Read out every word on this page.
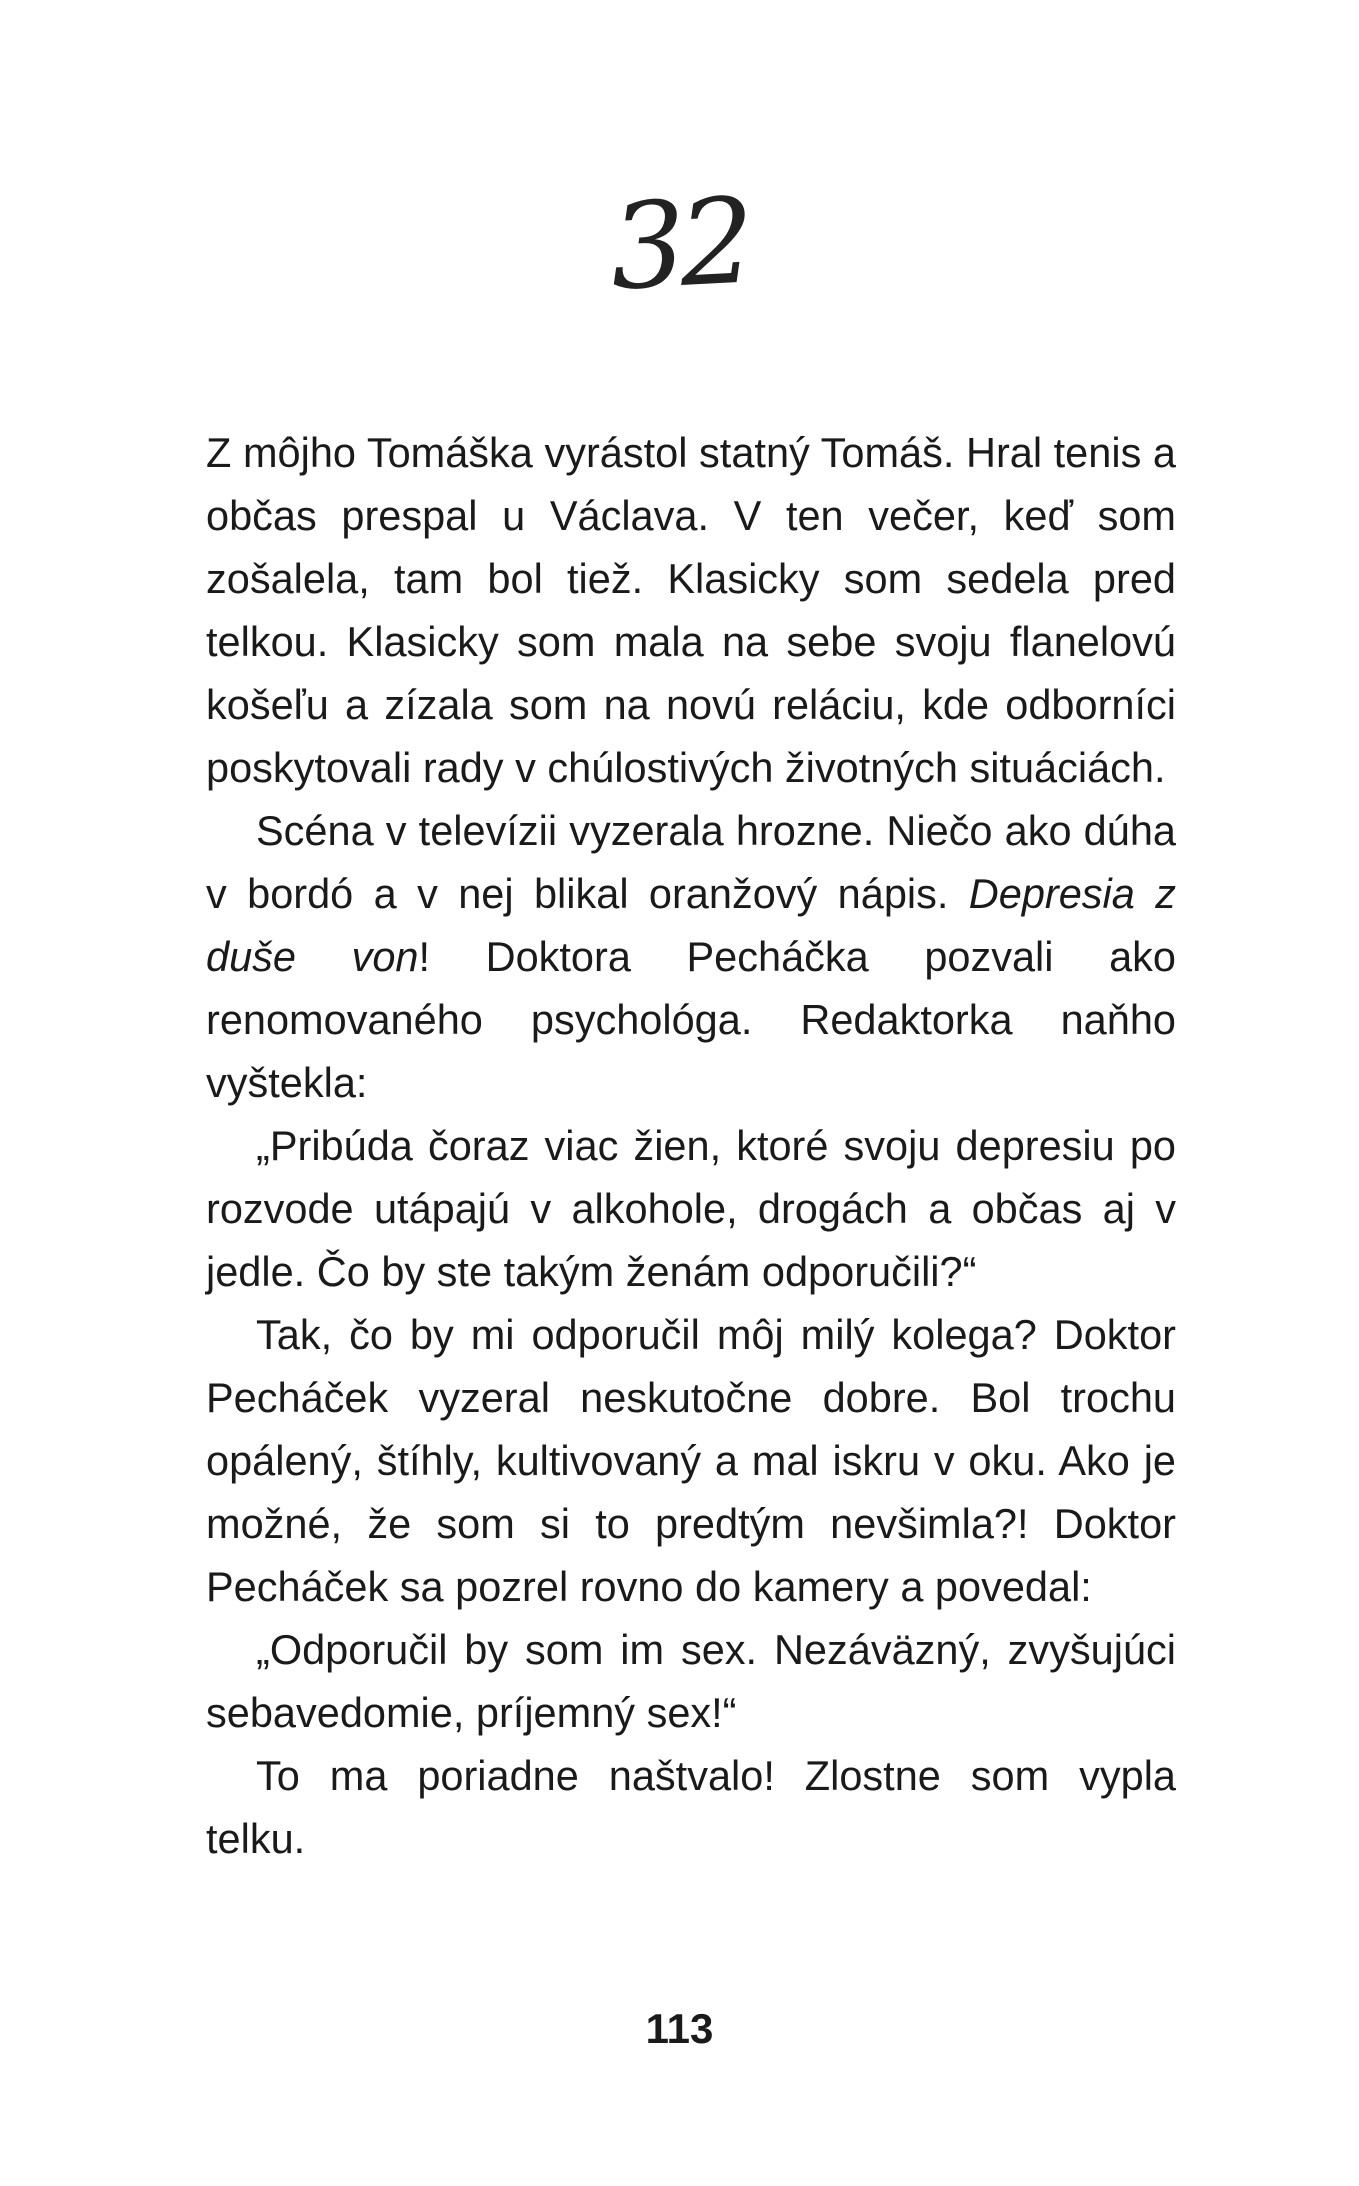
32

Z môjho Tomáška vyrástol statný Tomáš. Hral tenis a občas prespal u Václava. V ten večer, keď som zošalela, tam bol tiež. Klasicky som sedela pred telkou. Klasicky som mala na sebe svoju flanelovú košeľu a zízala som na novú reláciu, kde odborníci poskytovali rady v chúlostivých životných situáciách.

Scéna v televízii vyzerala hrozne. Niečo ako dúha v bordó a v nej blikal oranžový nápis. Depresia z duše von! Doktora Pecháčka pozvali ako renomovaného psychológa. Redaktorka naňho vyštekla:

„Pribúda čoraz viac žien, ktoré svoju depresiu po rozvode utápajú v alkohole, drogách a občas aj v jedle. Čo by ste takým ženám odporučili?“

Tak, čo by mi odporučil môj milý kolega? Doktor Pecháček vyzeral neskutočne dobre. Bol trochu opálený, štíhly, kultivovaný a mal iskru v oku. Ako je možné, že som si to predtým nevšimla?! Doktor Pecháček sa pozrel rovno do kamery a povedal:

„Odporučil by som im sex. Nezáväzný, zvyšujúci sebavedomie, príjemný sex!“

To ma poriadne naštvalo! Zlostne som vypla telku.

113
